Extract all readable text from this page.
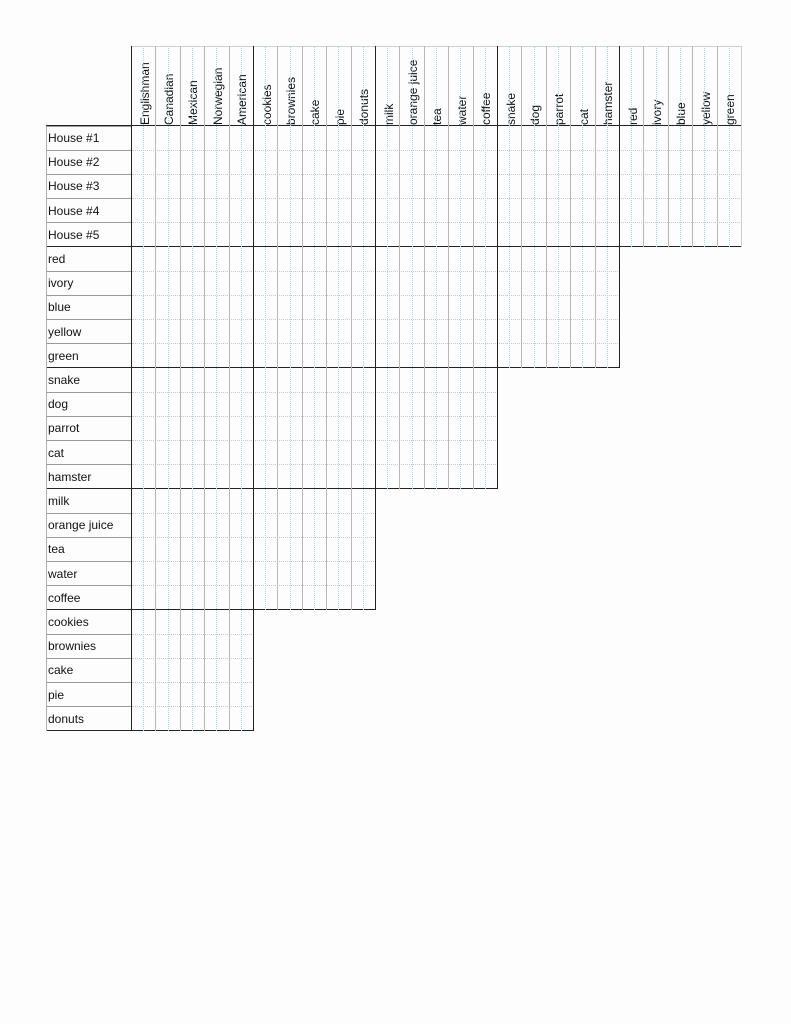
Englishman Canadian Mexican Norwegian American cookies brownies cake pie donuts milk orange juice tea water coffee snake dog parrot cat hamster red ivory blue yellow green
House #1
House #2
House #3
House #4
House #5
red
ivory
blue
yellow
green
snake
dog
parrot
cat
hamster
milk
orange juice
tea
water
coffee
cookies
brownies
cake
pie
donuts
